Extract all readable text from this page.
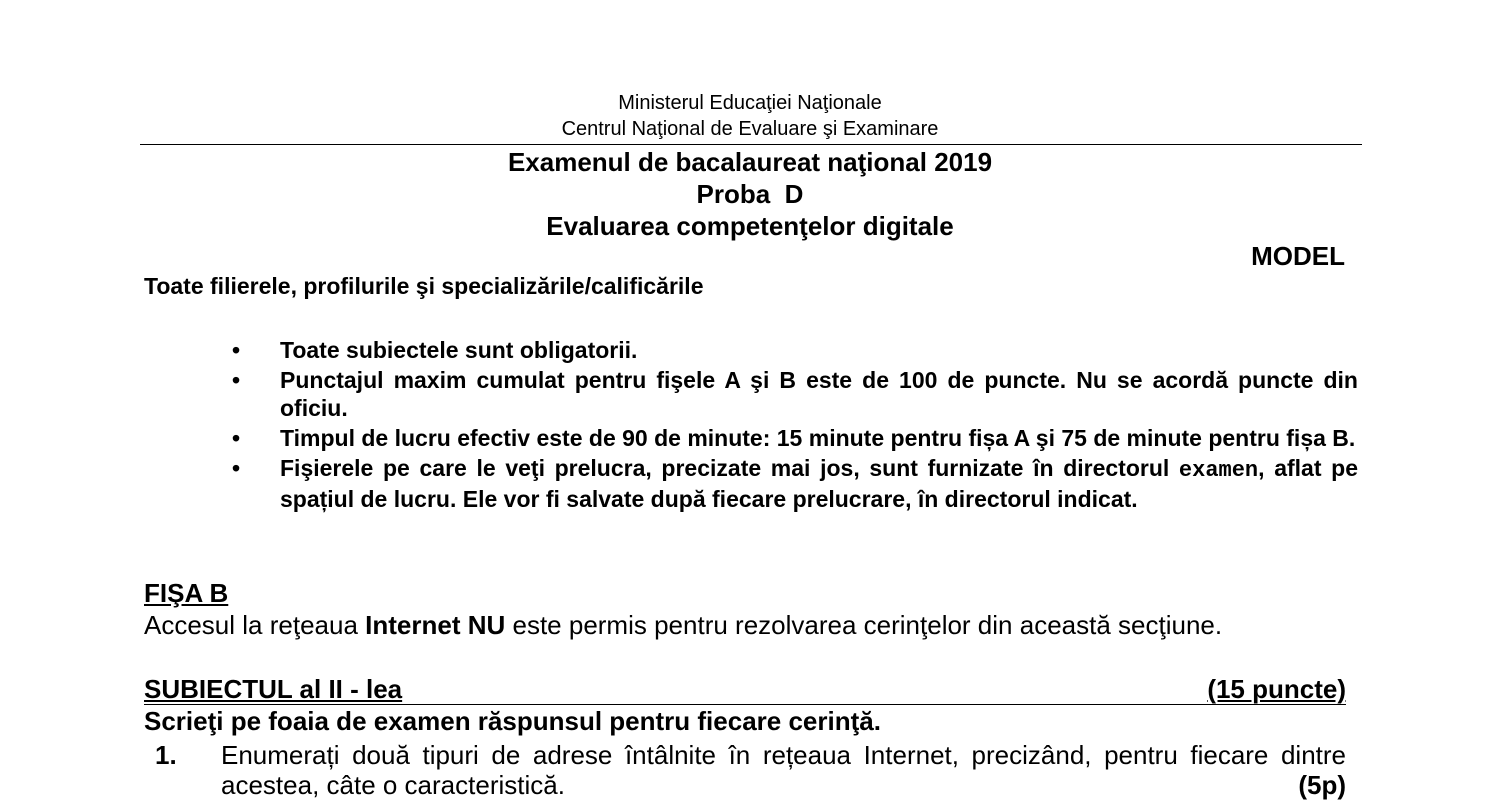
Ministerul Educaţiei Naţionale

Centrul Naţional de Evaluare şi Examinare

Examenul de bacalaureat naţional 2019

Proba  D

Evaluarea competenţelor digitale

MODEL

Toate filierele, profilurile şi specializările/calificările

• Toate subiectele sunt obligatorii.
• Punctajul maxim cumulat pentru fişele A şi B este de 100 de puncte. Nu se acordă puncte din oficiu.
• Timpul de lucru efectiv este de 90 de minute: 15 minute pentru fișa A şi 75 de minute pentru fișa B.
• Fişierele pe care le veţi prelucra, precizate mai jos, sunt furnizate în directorul examen, aflat pe spațiul de lucru. Ele vor fi salvate după fiecare prelucrare, în directorul indicat.

FIŞA B

Accesul la reţeaua Internet NU este permis pentru rezolvarea cerinţelor din această secţiune.

SUBIECTUL al II - lea	(15 puncte)

Scrieţi pe foaia de examen răspunsul pentru fiecare cerinţă.

1. Enumerați două tipuri de adrese întâlnite în rețeaua Internet, precizând, pentru fiecare dintre acestea, câte o caracteristică.	(5p)
